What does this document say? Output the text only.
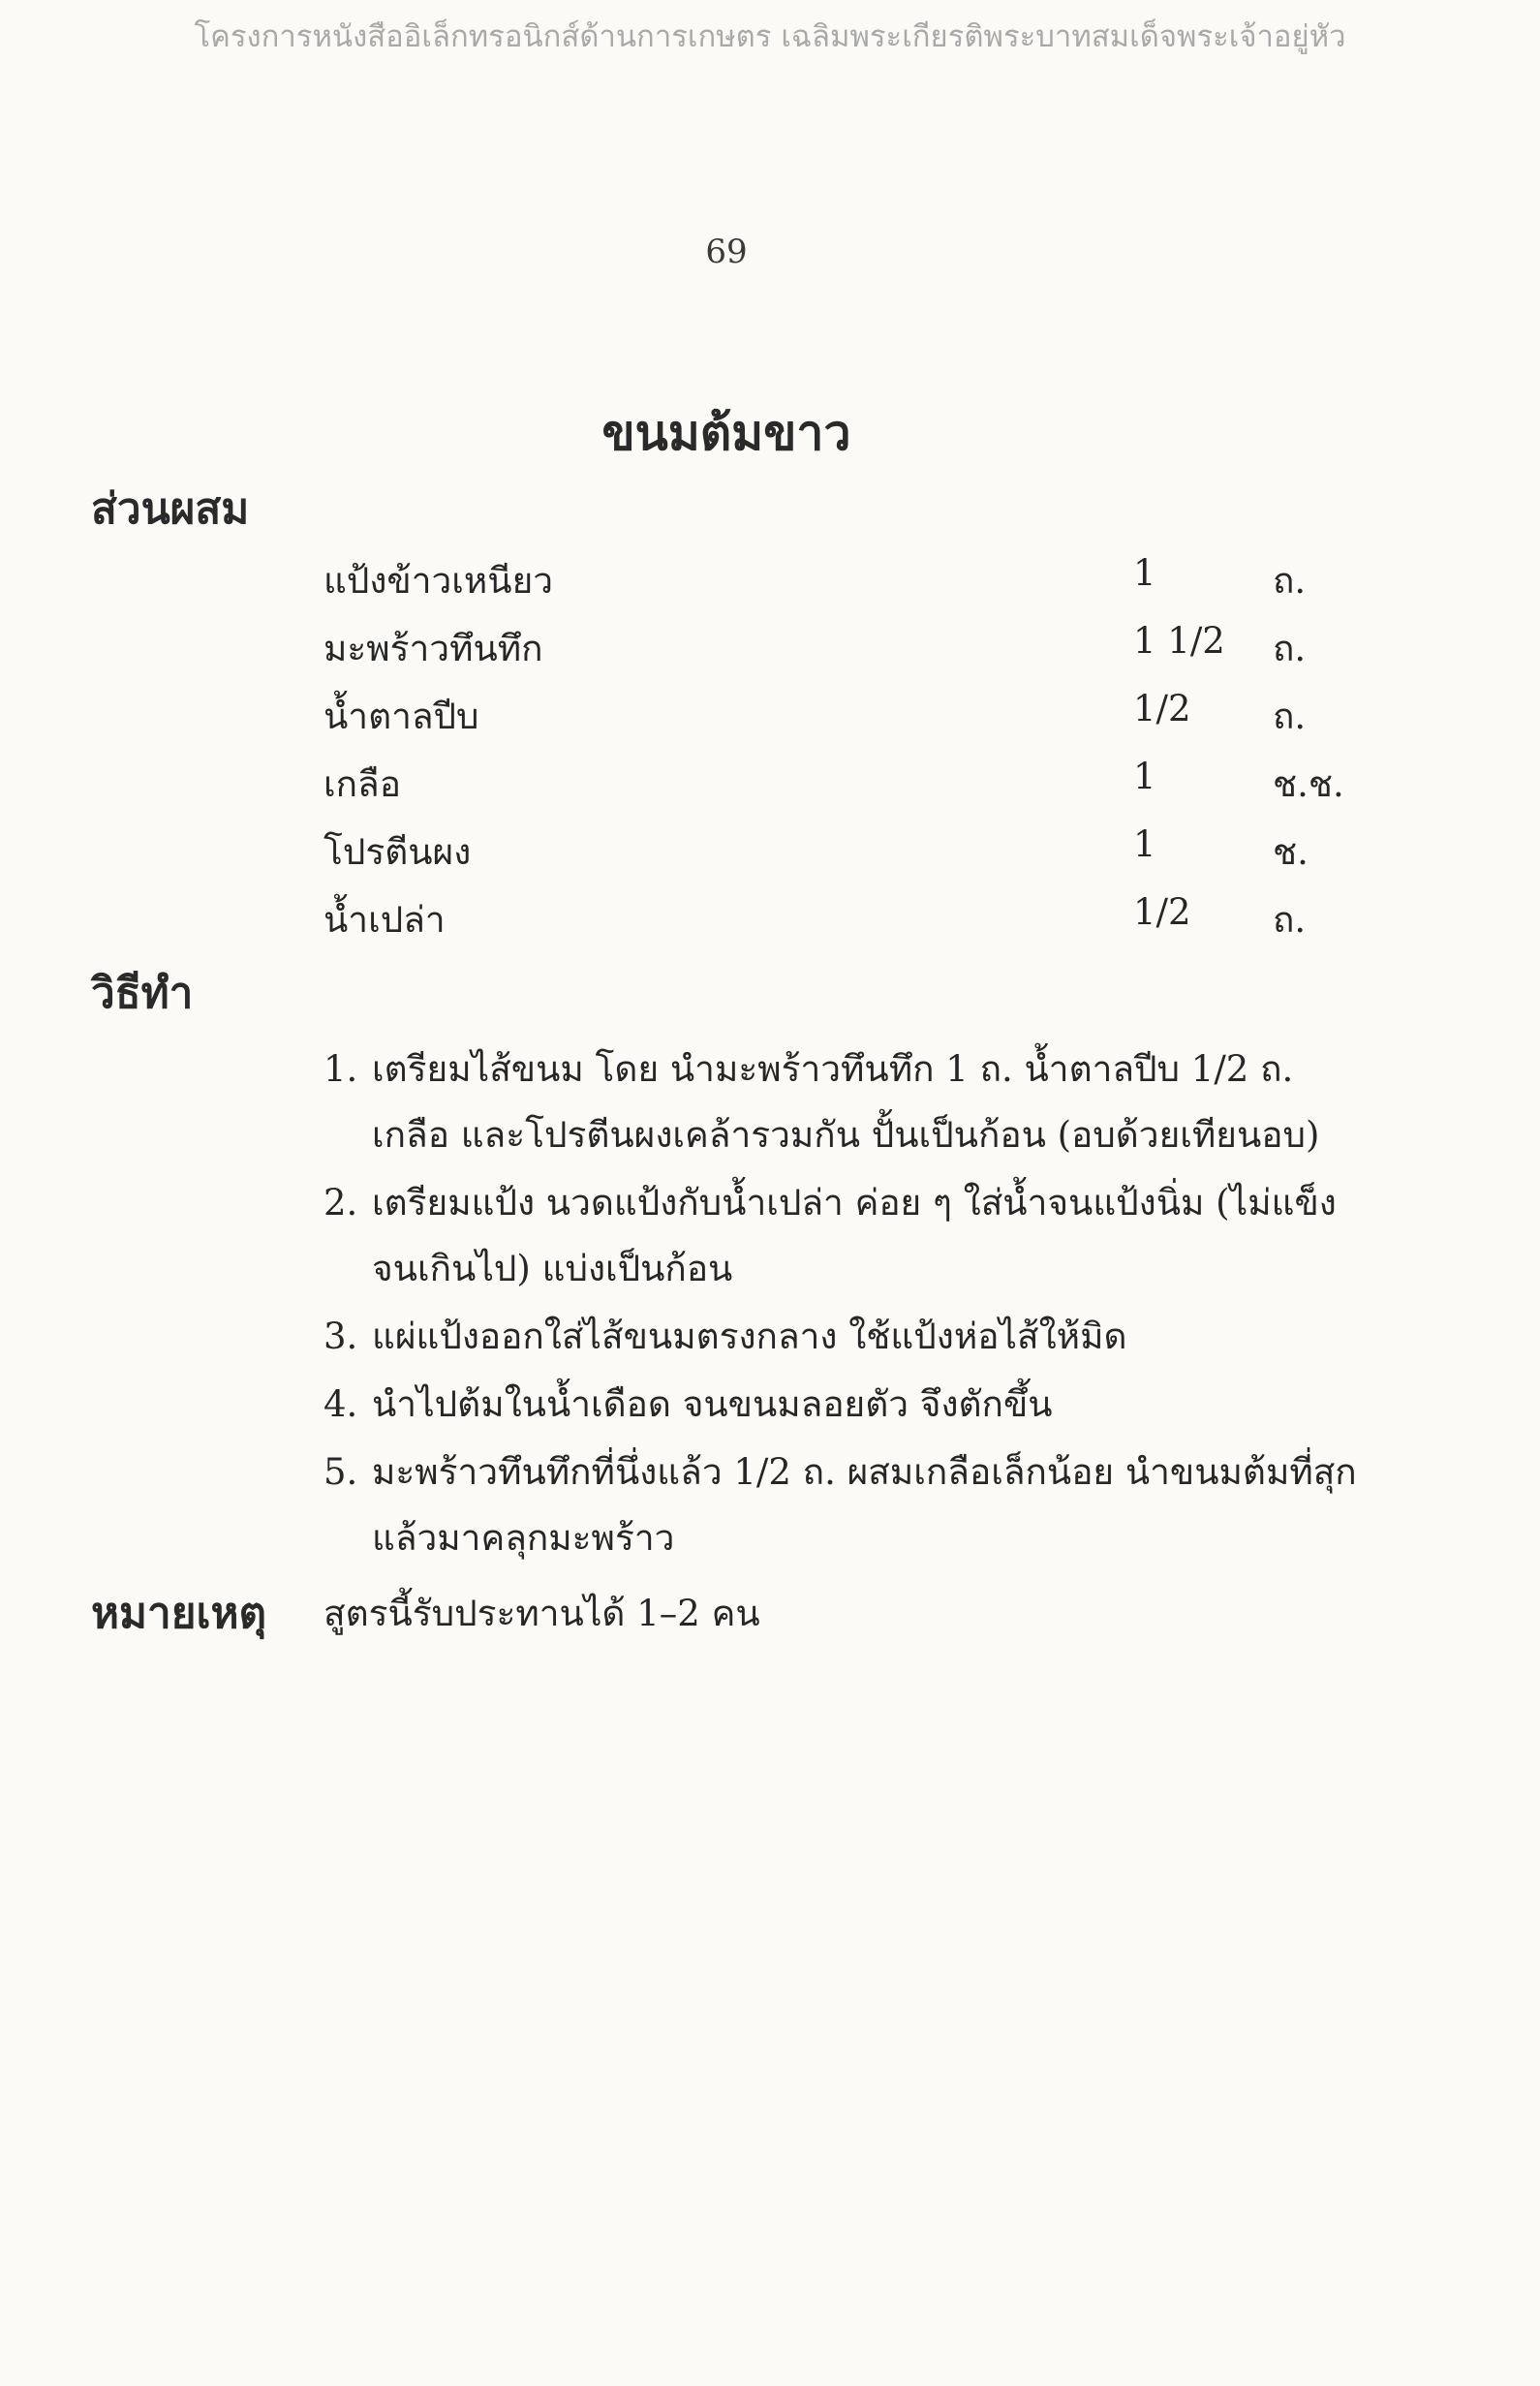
โครงการหนังสืออิเล็กทรอนิกส์ด้านการเกษตร เฉลิมพระเกียรติพระบาทสมเด็จพระเจ้าอยู่หัว
69
ขนมต้มขาว
ส่วนผสม
แป้งข้าวเหนียว	1	ถ.
มะพร้าวทึนทึก	1 1/2 ถ.
น้ำตาลปีบ	1/2 ถ.
เกลือ	1	ช.ช.
โปรตีนผง	1	ช.
น้ำเปล่า	1/2 ถ.
วิธีทำ
1. เตรียมไส้ขนม โดย นำมะพร้าวทึนทึก 1 ถ. น้ำตาลปีบ 1/2 ถ. เกลือ และโปรตีนผงเคล้ารวมกัน ปั้นเป็นก้อน (อบด้วยเทียนอบ)
2. เตรียมแป้ง นวดแป้งกับน้ำเปล่า ค่อย ๆ ใส่น้ำจนแป้งนิ่ม (ไม่แข็งจนเกินไป) แบ่งเป็นก้อน
3. แผ่แป้งออกใส่ไส้ขนมตรงกลาง ใช้แป้งห่อไส้ให้มิด
4. นำไปต้มในน้ำเดือด จนขนมลอยตัว จึงตักขึ้น
5. มะพร้าวทึนทึกที่นึ่งแล้ว 1/2 ถ. ผสมเกลือเล็กน้อย นำขนมต้มที่สุกแล้วมาคลุกมะพร้าว
หมายเหตุ สูตรนี้รับประทานได้ 1–2 คน
